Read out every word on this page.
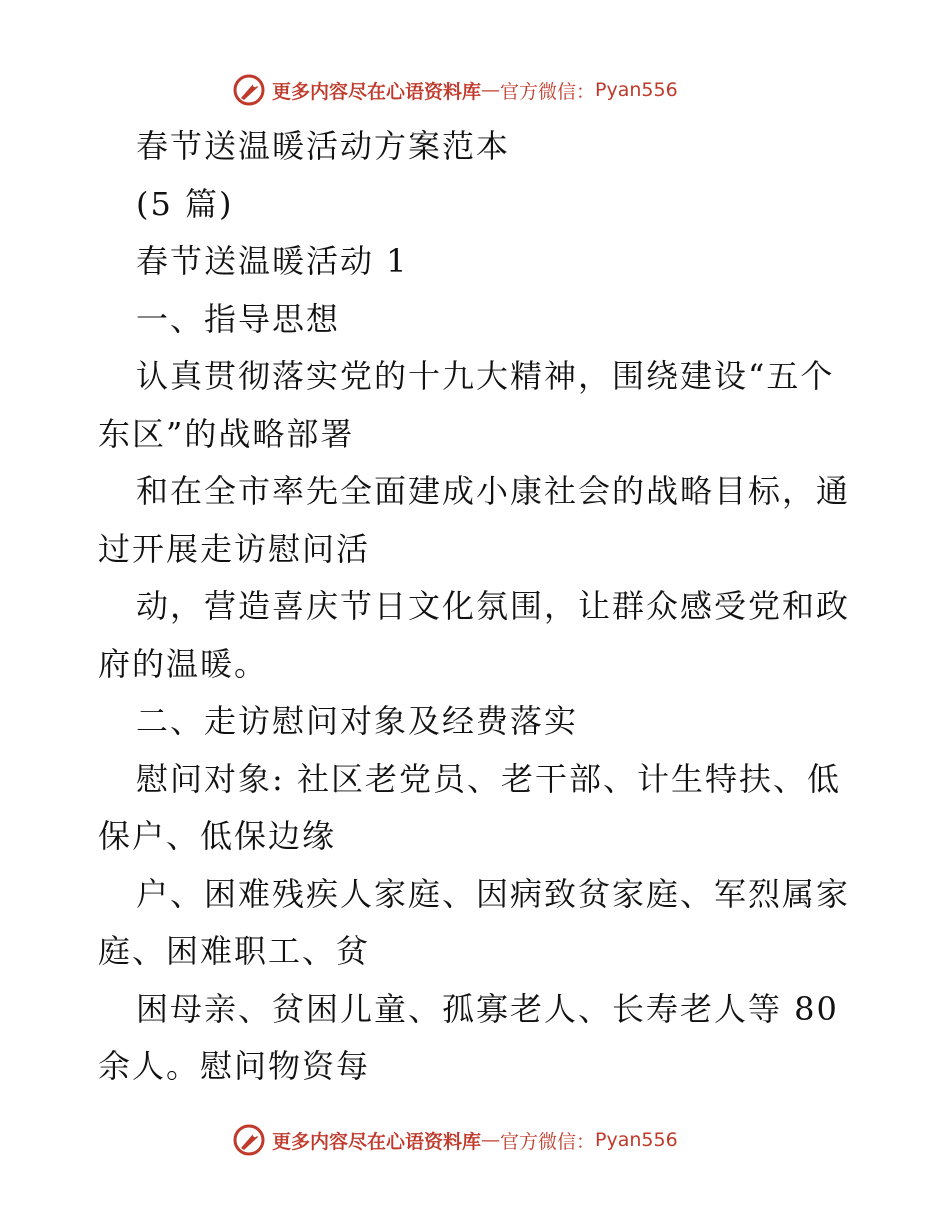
更多内容尽在心语资料库 — 官方微信： Pyan556
春节送温暖活动方案范本
(5 篇)
春节送温暖活动 1
一、指导思想
认真贯彻落实党的十九大精神，围绕建设“五个
东区”的战略部署
和在全市率先全面建成小康社会的战略目标，通
过开展走访慰问活
动，营造喜庆节日文化氛围，让群众感受党和政
府的温暖。
二、走访慰问对象及经费落实
慰问对象: 社区老党员、老干部、计生特扶、低
保户、低保边缘
户、困难残疾人家庭、因病致贫家庭、军烈属家
庭、困难职工、贫
困母亲、贫困儿童、孤寡老人、长寿老人等 80
余人。慰问物资每
更多内容尽在心语资料库 — 官方微信： Pyan556
